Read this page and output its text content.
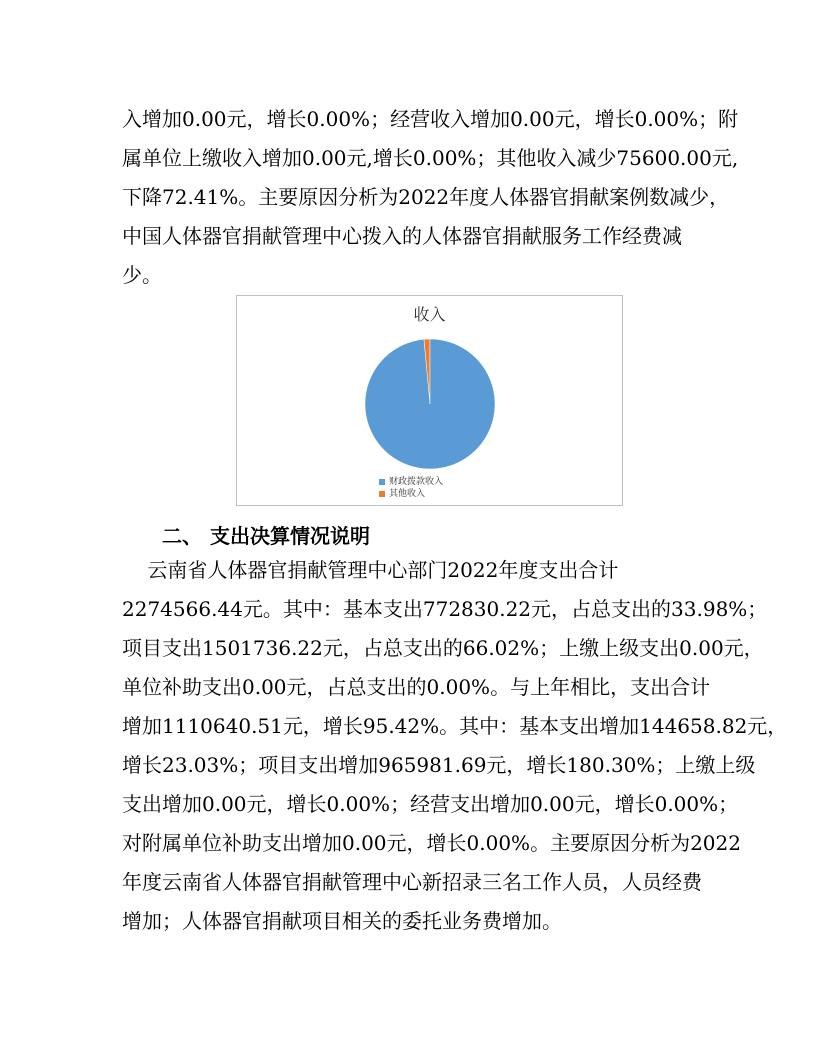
入增加0.00元，增长0.00%；经营收入增加0.00元，增长0.00%；附
属单位上缴收入增加0.00元,增长0.00%；其他收入减少75600.00元,
下降72.41%。主要原因分析为2022年度人体器官捐献案例数减少，
中国人体器官捐献管理中心拨入的人体器官捐献服务工作经费减
少。

收入
财政拨款收入
其他收入
二、 支出决算情况说明

云南省人体器官捐献管理中心部门2022年度支出合计
2274566.44元。其中：基本支出772830.22元，占总支出的33.98%；
项目支出1501736.22元，占总支出的66.02%；上缴上级支出0.00元，
单位补助支出0.00元，占总支出的0.00%。与上年相比，支出合计
增加1110640.51元，增长95.42%。其中：基本支出增加144658.82元，
增长23.03%；项目支出增加965981.69元，增长180.30%；上缴上级
支出增加0.00元，增长0.00%；经营支出增加0.00元，增长0.00%；
对附属单位补助支出增加0.00元，增长0.00%。主要原因分析为2022
年度云南省人体器官捐献管理中心新招录三名工作人员，人员经费
增加；人体器官捐献项目相关的委托业务费增加。
